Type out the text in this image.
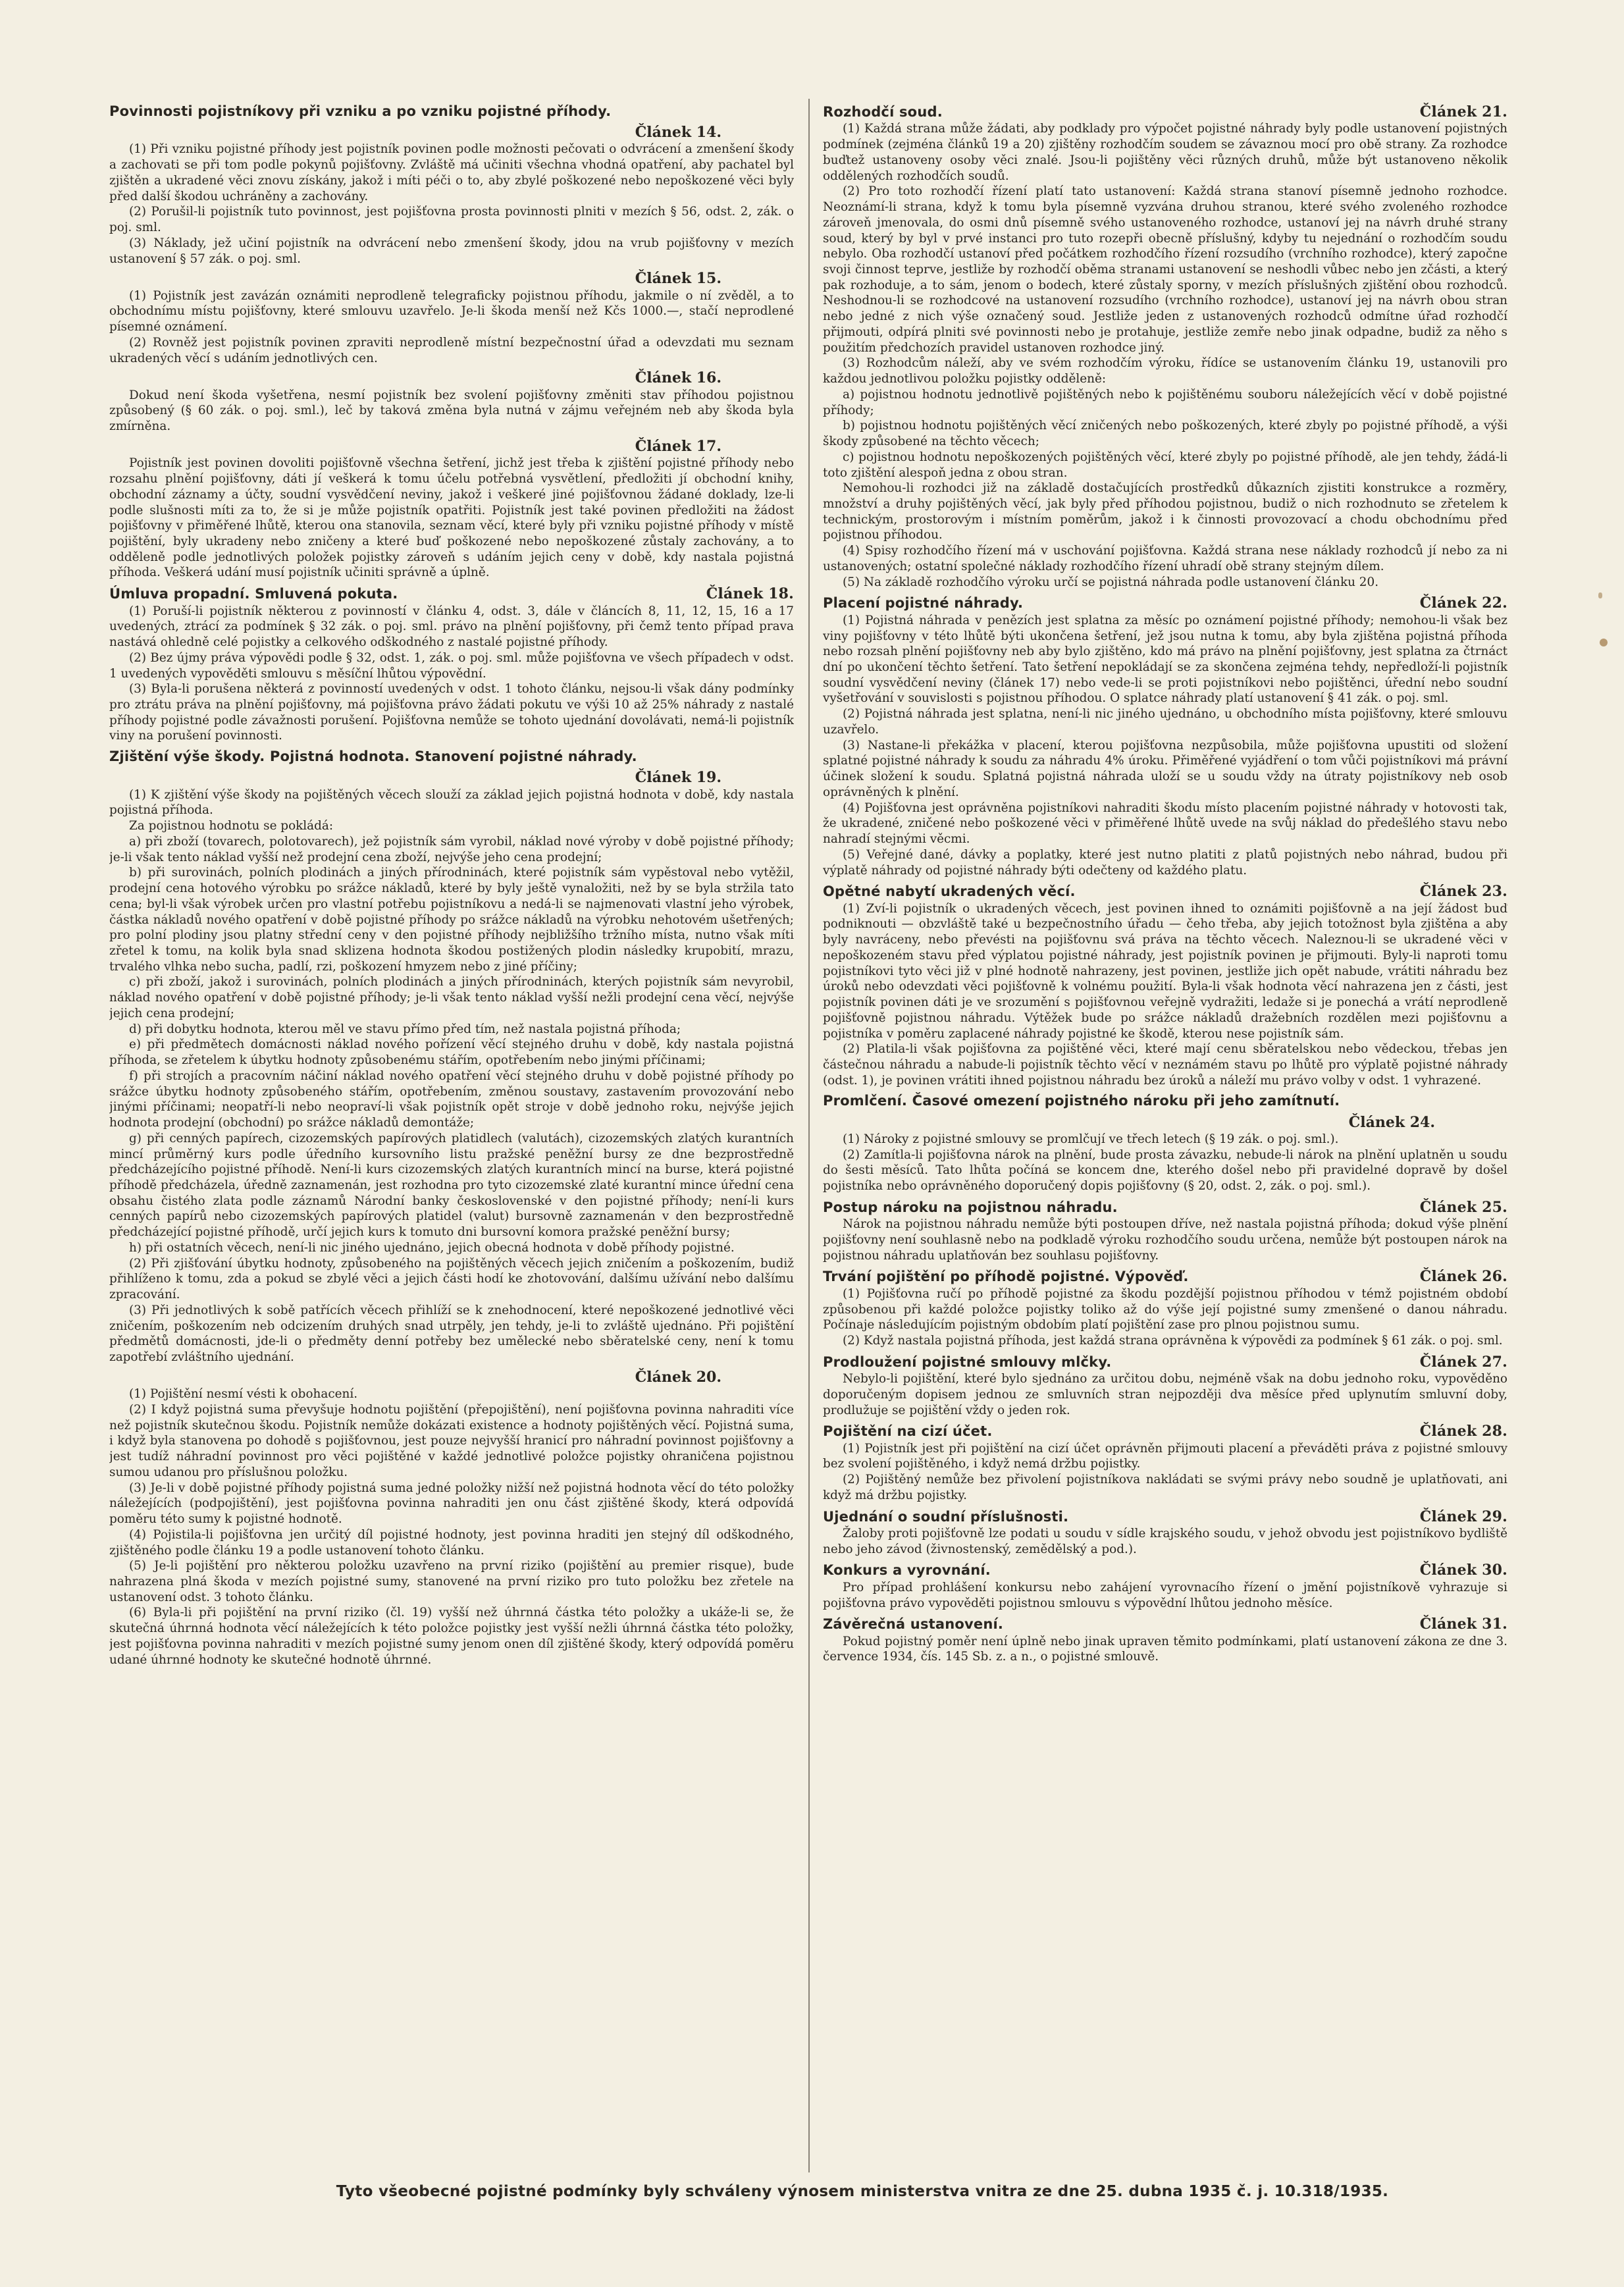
Povinnosti pojistníkovy při vzniku a po vzniku pojistné příhody.
Článek 14.

(1) Při vzniku pojistné příhody jest pojistník povinen podle možnosti pečovati o odvrácení a zmenšení škody a zachovati se při tom podle pokynů pojišťovny. Zvláště má učiniti všechna vhodná opatření, aby pachatel byl zjištěn a ukradené věci znovu získány, jakož i míti péči o to, aby zbylé poškozené nebo nepoškozené věci byly před další škodou uchráněny a zachovány.

(2) Porušil-li pojistník tuto povinnost, jest pojišťovna prosta povinnosti plniti v mezích § 56, odst. 2, zák. o poj. sml.

(3) Náklady, jež učiní pojistník na odvrácení nebo zmenšení škody, jdou na vrub pojišťovny v mezích ustanovení § 57 zák. o poj. sml.

Článek 15.

(1) Pojistník jest zavázán oznámiti neprodleně telegraficky pojistnou příhodu, jakmile o ní zvěděl, a to obchodnímu místu pojišťovny, které smlouvu uzavřelo. Je-li škoda menší než Kčs 1000.—, stačí neprodlené písemné oznámení.

(2) Rovněž jest pojistník povinen zpraviti neprodleně místní bezpečnostní úřad a odevzdati mu seznam ukradených věcí s udáním jednotlivých cen.

Článek 16.

Dokud není škoda vyšetřena, nesmí pojistník bez svolení pojišťovny změniti stav příhodou pojistnou způsobený (§ 60 zák. o poj. sml.), leč by taková změna byla nutná v zájmu veřejném neb aby škoda byla zmírněna.

Článek 17.

Pojistník jest povinen dovoliti pojišťovně všechna šetření, jichž jest třeba k zjištění pojistné příhody nebo rozsahu plnění pojišťovny, dáti jí veškerá k tomu účelu potřebná vysvětlení, předložiti jí obchodní knihy, obchodní záznamy a účty, soudní vysvědčení neviny, jakož i veškeré jiné pojišťovnou žádané doklady, lze-li podle slušnosti míti za to, že si je může pojistník opatřiti. Pojistník jest také povinen předložiti na žádost pojišťovny v přiměřené lhůtě, kterou ona stanovila, seznam věcí, které byly při vzniku pojistné příhody v místě pojištění, byly ukradeny nebo zničeny a které buď poškozené nebo nepoškozené zůstaly zachovány, a to odděleně podle jednotlivých položek pojistky zároveň s udáním jejich ceny v době, kdy nastala pojistná příhoda. Veškerá udání musí pojistník učiniti správně a úplně.

Úmluva propadní. Smluvená pokuta.	Článek 18.

(1) Poruší-li pojistník některou z povinností v článku 4, odst. 3, dále v článcích 8, 11, 12, 15, 16 a 17 uvedených, ztrácí za podmínek § 32 zák. o poj. sml. právo na plnění pojišťovny, při čemž tento případ prava nastává ohledně celé pojistky a celkového odškodného z nastalé pojistné příhody.

(2) Bez újmy práva výpovědi podle § 32, odst. 1, zák. o poj. sml. může pojišťovna ve všech případech v odst. 1 uvedených vypověděti smlouvu s měsíční lhůtou výpovědní.

(3) Byla-li porušena některá z povinností uvedených v odst. 1 tohoto článku, nejsou-li však dány podmínky pro ztrátu práva na plnění pojišťovny, má pojišťovna právo žádati pokutu ve výši 10 až 25% náhrady z nastalé příhody pojistné podle závažnosti porušení. Pojišťovna nemůže se tohoto ujednání dovolávati, nemá-li pojistník viny na porušení povinnosti.

Zjištění výše škody. Pojistná hodnota. Stanovení pojistné náhrady.
Článek 19.

(1) K zjištění výše škody na pojištěných věcech slouží za základ jejich pojistná hodnota v době, kdy nastala pojistná příhoda.

Za pojistnou hodnotu se pokládá:

a) při zboží (tovarech, polotovarech), jež pojistník sám vyrobil, náklad nové výroby v době pojistné příhody; je-li však tento náklad vyšší než prodejní cena zboží, nejvýše jeho cena prodejní;

b) při surovinách, polních plodinách a jiných přírodninách, které pojistník sám vypěstoval nebo vytěžil, prodejní cena hotového výrobku po srážce nákladů, které by byly ještě vynaložiti, než by se byla stržila tato cena; byl-li však výrobek určen pro vlastní potřebu pojistníkovu a nedá-li se najmenovati vlastní jeho výrobek, částka nákladů nového opatření v době pojistné příhody po srážce nákladů na výrobku nehotovém ušetřených; pro polní plodiny jsou platny střední ceny v den pojistné příhody nejbližšího tržního místa, nutno však míti zřetel k tomu, na kolik byla snad sklizena hodnota škodou postižených plodin následky krupobití, mrazu, trvalého vlhka nebo sucha, padlí, rzi, poškození hmyzem nebo z jiné příčiny;

c) při zboží, jakož i surovinách, polních plodinách a jiných přírodninách, kterých pojistník sám nevyrobil, náklad nového opatření v době pojistné příhody; je-li však tento náklad vyšší nežli prodejní cena věcí, nejvýše jejich cena prodejní;

d) při dobytku hodnota, kterou měl ve stavu přímo před tím, než nastala pojistná příhoda;

e) při předmětech domácnosti náklad nového pořízení věcí stejného druhu v době, kdy nastala pojistná příhoda, se zřetelem k úbytku hodnoty způsobenému stářím, opotřebením nebo jinými příčinami;

f) při strojích a pracovním náčiní náklad nového opatření věcí stejného druhu v době pojistné příhody po srážce úbytku hodnoty způsobeného stářím, opotřebením, změnou soustavy, zastavením provozování nebo jinými příčinami; neopatří-li nebo neopraví-li však pojistník opět stroje v době jednoho roku, nejvýše jejich hodnota prodejní (obchodní) po srážce nákladů demontáže;

g) při cenných papírech, cizozemských papírových platidlech (valutách), cizozemských zlatých kurantních mincí průměrný kurs podle úředního kursovního listu pražské peněžní bursy ze dne bezprostředně předcházejícího pojistné příhodě. Není-li kurs cizozemských zlatých kurantních mincí na burse, která pojistné příhodě předcházela, úředně zaznamenán, jest rozhodna pro tyto cizozemské zlaté kurantní mince úřední cena obsahu čistého zlata podle záznamů Národní banky československé v den pojistné příhody; není-li kurs cenných papírů nebo cizozemských papírových platidel (valut) bursovně zaznamenán v den bezprostředně předcházející pojistné příhodě, určí jejich kurs k tomuto dni bursovní komora pražské peněžní bursy;

h) při ostatních věcech, není-li nic jiného ujednáno, jejich obecná hodnota v době příhody pojistné.

(2) Při zjišťování úbytku hodnoty, způsobeného na pojištěných věcech jejich zničením a poškozením, budiž přihlíženo k tomu, zda a pokud se zbylé věci a jejich části hodí ke zhotovování, dalšímu užívání nebo dalšímu zpracování.

(3) Při jednotlivých k sobě patřících věcech přihlíží se k znehodnocení, které nepoškozené jednotlivé věci zničením, poškozením neb odcizením druhých snad utrpěly, jen tehdy, je-li to zvláště ujednáno. Při pojištění předmětů domácnosti, jde-li o předměty denní potřeby bez umělecké nebo sběratelské ceny, není k tomu zapotřebí zvláštního ujednání.

Článek 20.

(1) Pojištění nesmí vésti k obohacení.

(2) I když pojistná suma převyšuje hodnotu pojištění (přepojištění), není pojišťovna povinna nahraditi více než pojistník skutečnou škodu. Pojistník nemůže dokázati existence a hodnoty pojištěných věcí. Pojistná suma, i když byla stanovena po dohodě s pojišťovnou, jest pouze nejvyšší hranicí pro náhradní povinnost pojišťovny a jest tudíž náhradní povinnost pro věci pojištěné v každé jednotlivé položce pojistky ohraničena pojistnou sumou udanou pro příslušnou položku.

(3) Je-li v době pojistné příhody pojistná suma jedné položky nižší než pojistná hodnota věcí do této položky náležejících (podpojištění), jest pojišťovna povinna nahraditi jen onu část zjištěné škody, která odpovídá poměru této sumy k pojistné hodnotě.

(4) Pojistila-li pojišťovna jen určitý díl pojistné hodnoty, jest povinna hraditi jen stejný díl odškodného, zjištěného podle článku 19 a podle ustanovení tohoto článku.

(5) Je-li pojištění pro některou položku uzavřeno na první riziko (pojištění au premier risque), bude nahrazena plná škoda v mezích pojistné sumy, stanovené na první riziko pro tuto položku bez zřetele na ustanovení odst. 3 tohoto článku.

(6) Byla-li při pojištění na první riziko (čl. 19) vyšší než úhrnná částka této položky a ukáže-li se, že skutečná úhrnná hodnota věcí náležejících k této položce pojistky jest vyšší nežli úhrnná částka této položky, jest pojišťovna povinna nahraditi v mezích pojistné sumy jenom onen díl zjištěné škody, který odpovídá poměru udané úhrnné hodnoty ke skutečné hodnotě úhrnné.

Rozhodčí soud.	Článek 21.

(1) Každá strana může žádati, aby podklady pro výpočet pojistné náhrady byly podle ustanovení pojistných podmínek (zejména článků 19 a 20) zjištěny rozhodčím soudem se závaznou mocí pro obě strany. Za rozhodce buďtež ustanoveny osoby věci znalé. Jsou-li pojištěny věci různých druhů, může být ustanoveno několik oddělených rozhodčích soudů.

(2) Pro toto rozhodčí řízení platí tato ustanovení: Každá strana stanoví písemně jednoho rozhodce. Neoznámí-li strana, když k tomu byla písemně vyzvána druhou stranou, které svého zvoleného rozhodce zároveň jmenovala, do osmi dnů písemně svého ustanoveného rozhodce, ustanoví jej na návrh druhé strany soud, který by byl v prvé instanci pro tuto rozepři obecně příslušný, kdyby tu nejednání o rozhodčím soudu nebylo. Oba rozhodčí ustanoví před počátkem rozhodčího řízení rozsudího (vrchního rozhodce), který započne svoji činnost teprve, jestliže by rozhodčí oběma stranami ustanovení se neshodli vůbec nebo jen zčásti, a který pak rozhoduje, a to sám, jenom o bodech, které zůstaly sporny, v mezích příslušných zjištění obou rozhodců. Neshodnou-li se rozhodcové na ustanovení rozsudího (vrchního rozhodce), ustanoví jej na návrh obou stran nebo jedné z nich výše označený soud. Jestliže jeden z ustanovených rozhodců odmítne úřad rozhodčí přijmouti, odpírá plniti své povinnosti nebo je protahuje, jestliže zemře nebo jinak odpadne, budiž za něho s použitím předchozích pravidel ustanoven rozhodce jiný.

(3) Rozhodcům náleží, aby ve svém rozhodčím výroku, řídíce se ustanovením článku 19, ustanovili pro každou jednotlivou položku pojistky odděleně:

a) pojistnou hodnotu jednotlivě pojištěných nebo k pojištěnému souboru náležejících věcí v době pojistné příhody;

b) pojistnou hodnotu pojištěných věcí zničených nebo poškozených, které zbyly po pojistné příhodě, a výši škody způsobené na těchto věcech;

c) pojistnou hodnotu nepoškozených pojištěných věcí, které zbyly po pojistné příhodě, ale jen tehdy, žádá-li toto zjištění alespoň jedna z obou stran.

Nemohou-li rozhodci již na základě dostačujících prostředků důkazních zjistiti konstrukce a rozměry, množství a druhy pojištěných věcí, jak byly před příhodou pojistnou, budiž o nich rozhodnuto se zřetelem k technickým, prostorovým i místním poměrům, jakož i k činnosti provozovací a chodu obchodnímu před pojistnou příhodou.

(4) Spisy rozhodčího řízení má v uschování pojišťovna. Každá strana nese náklady rozhodců jí nebo za ni ustanovených; ostatní společné náklady rozhodčího řízení uhradí obě strany stejným dílem.

(5) Na základě rozhodčího výroku určí se pojistná náhrada podle ustanovení článku 20.

Placení pojistné náhrady.	Článek 22.

(1) Pojistná náhrada v penězích jest splatna za měsíc po oznámení pojistné příhody; nemohou-li však bez viny pojišťovny v této lhůtě býti ukončena šetření, jež jsou nutna k tomu, aby byla zjištěna pojistná příhoda nebo rozsah plnění pojišťovny neb aby bylo zjištěno, kdo má právo na plnění pojišťovny, jest splatna za čtrnáct dní po ukončení těchto šetření. Tato šetření nepokládají se za skončena zejména tehdy, nepředloží-li pojistník soudní vysvědčení neviny (článek 17) nebo vede-li se proti pojistníkovi nebo pojištěnci, úřední nebo soudní vyšetřování v souvislosti s pojistnou příhodou. O splatce náhrady platí ustanovení § 41 zák. o poj. sml.

(2) Pojistná náhrada jest splatna, není-li nic jiného ujednáno, u obchodního místa pojišťovny, které smlouvu uzavřelo.

(3) Nastane-li překážka v placení, kterou pojišťovna nezpůsobila, může pojišťovna upustiti od složení splatné pojistné náhrady k soudu za náhradu 4% úroku. Přiměřené vyjádření o tom vůči pojistníkovi má právní účinek složení k soudu. Splatná pojistná náhrada uloží se u soudu vždy na útraty pojistníkovy neb osob oprávněných k plnění.

(4) Pojišťovna jest oprávněna pojistníkovi nahraditi škodu místo placením pojistné náhrady v hotovosti tak, že ukradené, zničené nebo poškozené věci v přiměřené lhůtě uvede na svůj náklad do předešlého stavu nebo nahradí stejnými věcmi.

(5) Veřejné dané, dávky a poplatky, které jest nutno platiti z platů pojistných nebo náhrad, budou při výplatě náhrady od pojistné náhrady býti odečteny od každého platu.

Opětné nabytí ukradených věcí.	Článek 23.

(1) Zví-li pojistník o ukradených věcech, jest povinen ihned to oznámiti pojišťovně a na její žádost buď podniknouti — obzvláště také u bezpečnostního úřadu — čeho třeba, aby jejich totožnost byla zjištěna a aby byly navráceny, nebo převésti na pojišťovnu svá práva na těchto věcech. Naleznou-li se ukradené věci v nepoškozeném stavu před výplatou pojistné náhrady, jest pojistník povinen je přijmouti. Byly-li naproti tomu pojistníkovi tyto věci již v plné hodnotě nahrazeny, jest povinen, jestliže jich opět nabude, vrátiti náhradu bez úroků nebo odevzdati věci pojišťovně k volnému použití. Byla-li však hodnota věcí nahrazena jen z části, jest pojistník povinen dáti je ve srozumění s pojišťovnou veřejně vydražiti, ledaže si je ponechá a vrátí neprodleně pojišťovně pojistnou náhradu. Výtěžek bude po srážce nákladů dražebních rozdělen mezi pojišťovnu a pojistníka v poměru zaplacené náhrady pojistné ke škodě, kterou nese pojistník sám.

(2) Platila-li však pojišťovna za pojištěné věci, které mají cenu sběratelskou nebo vědeckou, třebas jen částečnou náhradu a nabude-li pojistník těchto věcí v neznámém stavu po lhůtě pro výplatě pojistné náhrady (odst. 1), je povinen vrátiti ihned pojistnou náhradu bez úroků a náleží mu právo volby v odst. 1 vyhrazené.

Promlčení. Časové omezení pojistného nároku při jeho zamítnutí.
Článek 24.

(1) Nároky z pojistné smlouvy se promlčují ve třech letech (§ 19 zák. o poj. sml.).

(2) Zamítla-li pojišťovna nárok na plnění, bude prosta závazku, nebude-li nárok na plnění uplatněn u soudu do šesti měsíců. Tato lhůta počíná se koncem dne, kterého došel nebo při pravidelné dopravě by došel pojistníka nebo oprávněného doporučený dopis pojišťovny (§ 20, odst. 2, zák. o poj. sml.).

Postup nároku na pojistnou náhradu.	Článek 25.

Nárok na pojistnou náhradu nemůže býti postoupen dříve, než nastala pojistná příhoda; dokud výše plnění pojišťovny není souhlasně nebo na podkladě výroku rozhodčího soudu určena, nemůže být postoupen nárok na pojistnou náhradu uplatňován bez souhlasu pojišťovny.

Trvání pojištění po příhodě pojistné. Výpověď.	Článek 26.

(1) Pojišťovna ručí po příhodě pojistné za škodu pozdější pojistnou příhodou v témž pojistném období způsobenou při každé položce pojistky toliko až do výše její pojistné sumy zmenšené o danou náhradu. Počínaje následujícím pojistným obdobím platí pojištění zase pro plnou pojistnou sumu.

(2) Když nastala pojistná příhoda, jest každá strana oprávněna k výpovědi za podmínek § 61 zák. o poj. sml.

Prodloužení pojistné smlouvy mlčky.	Článek 27.

Nebylo-li pojištění, které bylo sjednáno za určitou dobu, nejméně však na dobu jednoho roku, vypověděno doporučeným dopisem jednou ze smluvních stran nejpozději dva měsíce před uplynutím smluvní doby, prodlužuje se pojištění vždy o jeden rok.

Pojištění na cizí účet.	Článek 28.

(1) Pojistník jest při pojištění na cizí účet oprávněn přijmouti placení a převáděti práva z pojistné smlouvy bez svolení pojištěného, i když nemá držbu pojistky.

(2) Pojištěný nemůže bez přivolení pojistníkova nakládati se svými právy nebo soudně je uplatňovati, ani když má držbu pojistky.

Ujednání o soudní příslušnosti.	Článek 29.

Žaloby proti pojišťovně lze podati u soudu v sídle krajského soudu, v jehož obvodu jest pojistníkovo bydliště nebo jeho závod (živnostenský, zemědělský a pod.).

Konkurs a vyrovnání.	Článek 30.

Pro případ prohlášení konkursu nebo zahájení vyrovnacího řízení o jmění pojistníkově vyhrazuje si pojišťovna právo vypověděti pojistnou smlouvu s výpovědní lhůtou jednoho měsíce.

Závěrečná ustanovení.	Článek 31.

Pokud pojistný poměr není úplně nebo jinak upraven těmito podmínkami, platí ustanovení zákona ze dne 3. července 1934, čís. 145 Sb. z. a n., o pojistné smlouvě.

Tyto všeobecné pojistné podmínky byly schváleny výnosem ministerstva vnitra ze dne 25. dubna 1935 č. j. 10.318/1935.
